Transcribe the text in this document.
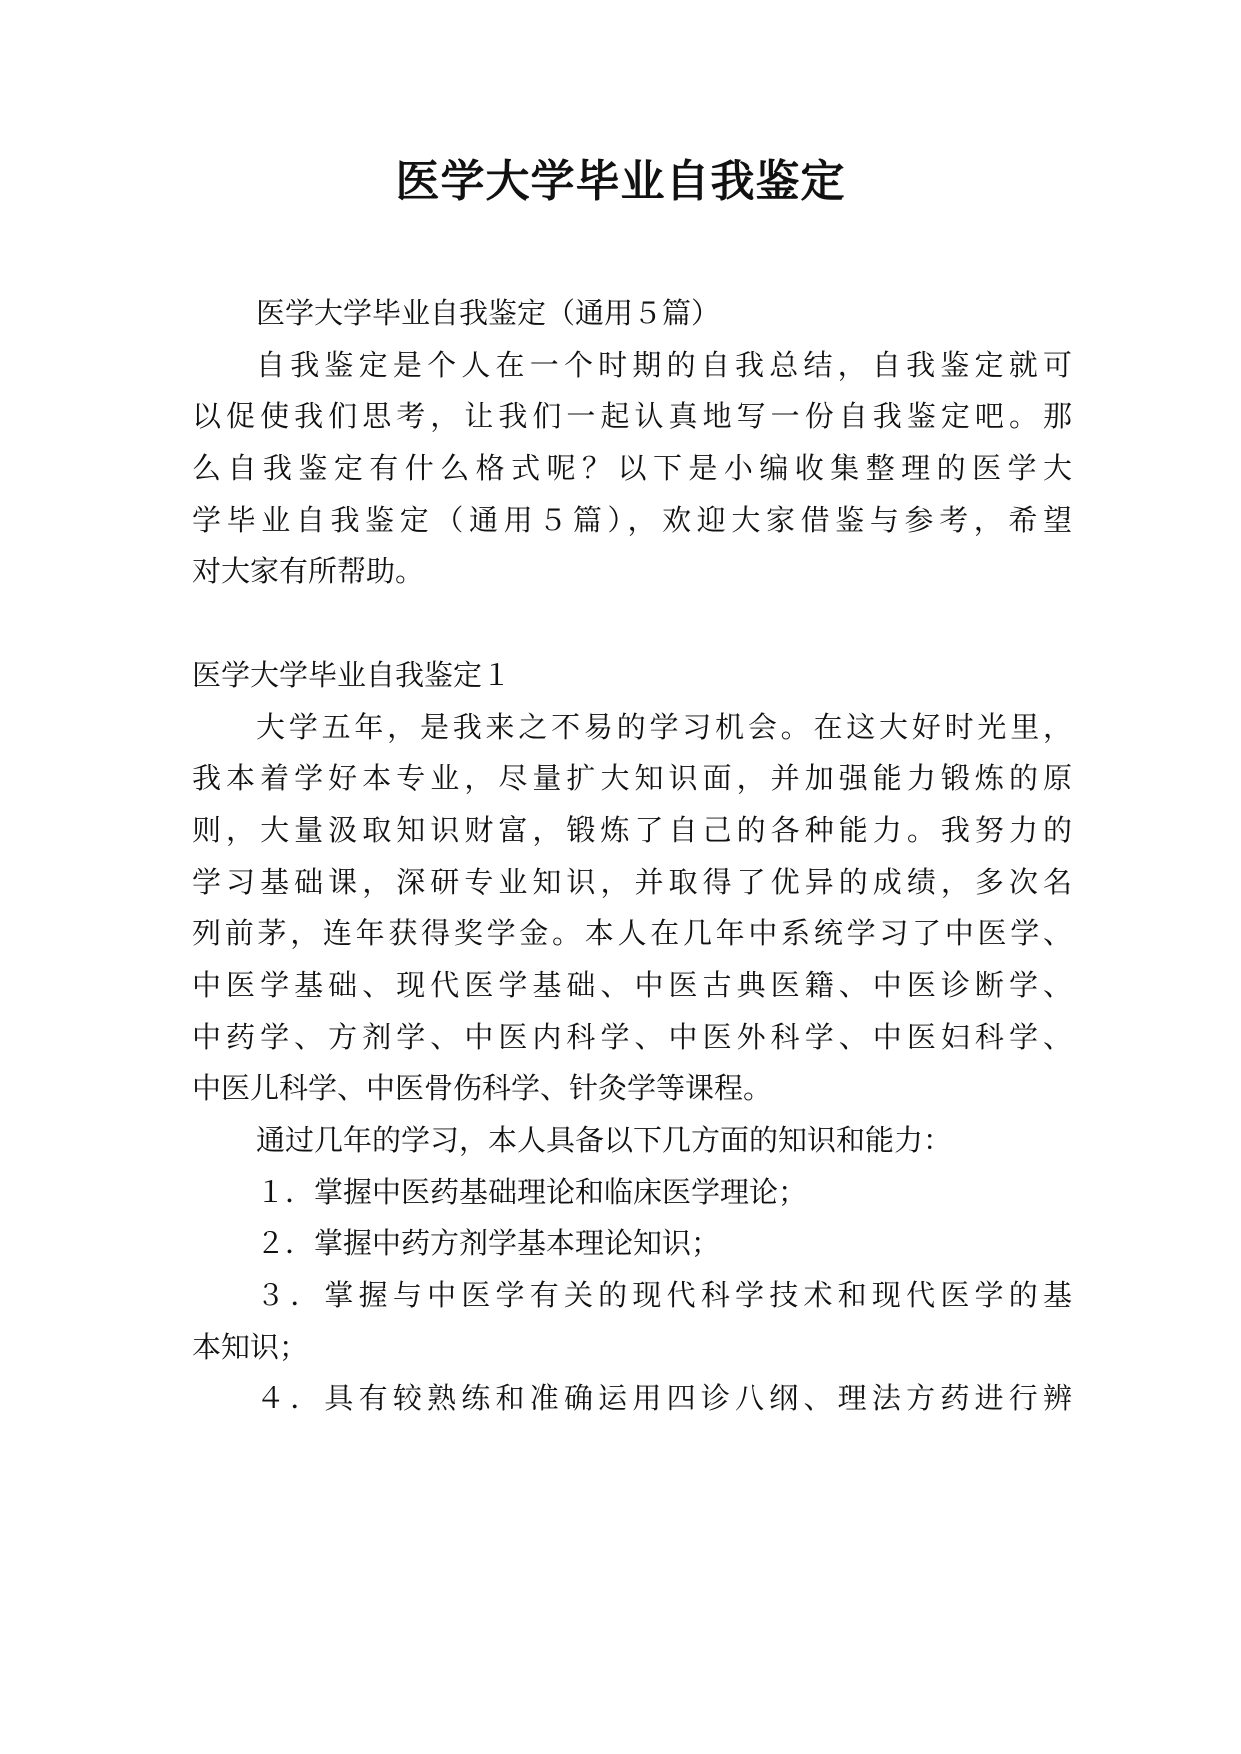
医学大学毕业自我鉴定
医学大学毕业自我鉴定（通用５篇）
自我鉴定是个人在一个时期的自我总结，自我鉴定就可
以促使我们思考，让我们一起认真地写一份自我鉴定吧。那
么自我鉴定有什么格式呢？以下是小编收集整理的医学大
学毕业自我鉴定（通用５篇），欢迎大家借鉴与参考，希望
对大家有所帮助。
医学大学毕业自我鉴定１
大学五年，是我来之不易的学习机会。在这大好时光里，
我本着学好本专业，尽量扩大知识面，并加强能力锻炼的原
则，大量汲取知识财富，锻炼了自己的各种能力。我努力的
学习基础课，深研专业知识，并取得了优异的成绩，多次名
列前茅，连年获得奖学金。本人在几年中系统学习了中医学、
中医学基础、现代医学基础、中医古典医籍、中医诊断学、
中药学、方剂学、中医内科学、中医外科学、中医妇科学、
中医儿科学、中医骨伤科学、针灸学等课程。
通过几年的学习，本人具备以下几方面的知识和能力：
１．掌握中医药基础理论和临床医学理论；
２．掌握中药方剂学基本理论知识；
３．掌握与中医学有关的现代科学技术和现代医学的基
本知识；
４．具有较熟练和准确运用四诊八纲、理法方药进行辨
